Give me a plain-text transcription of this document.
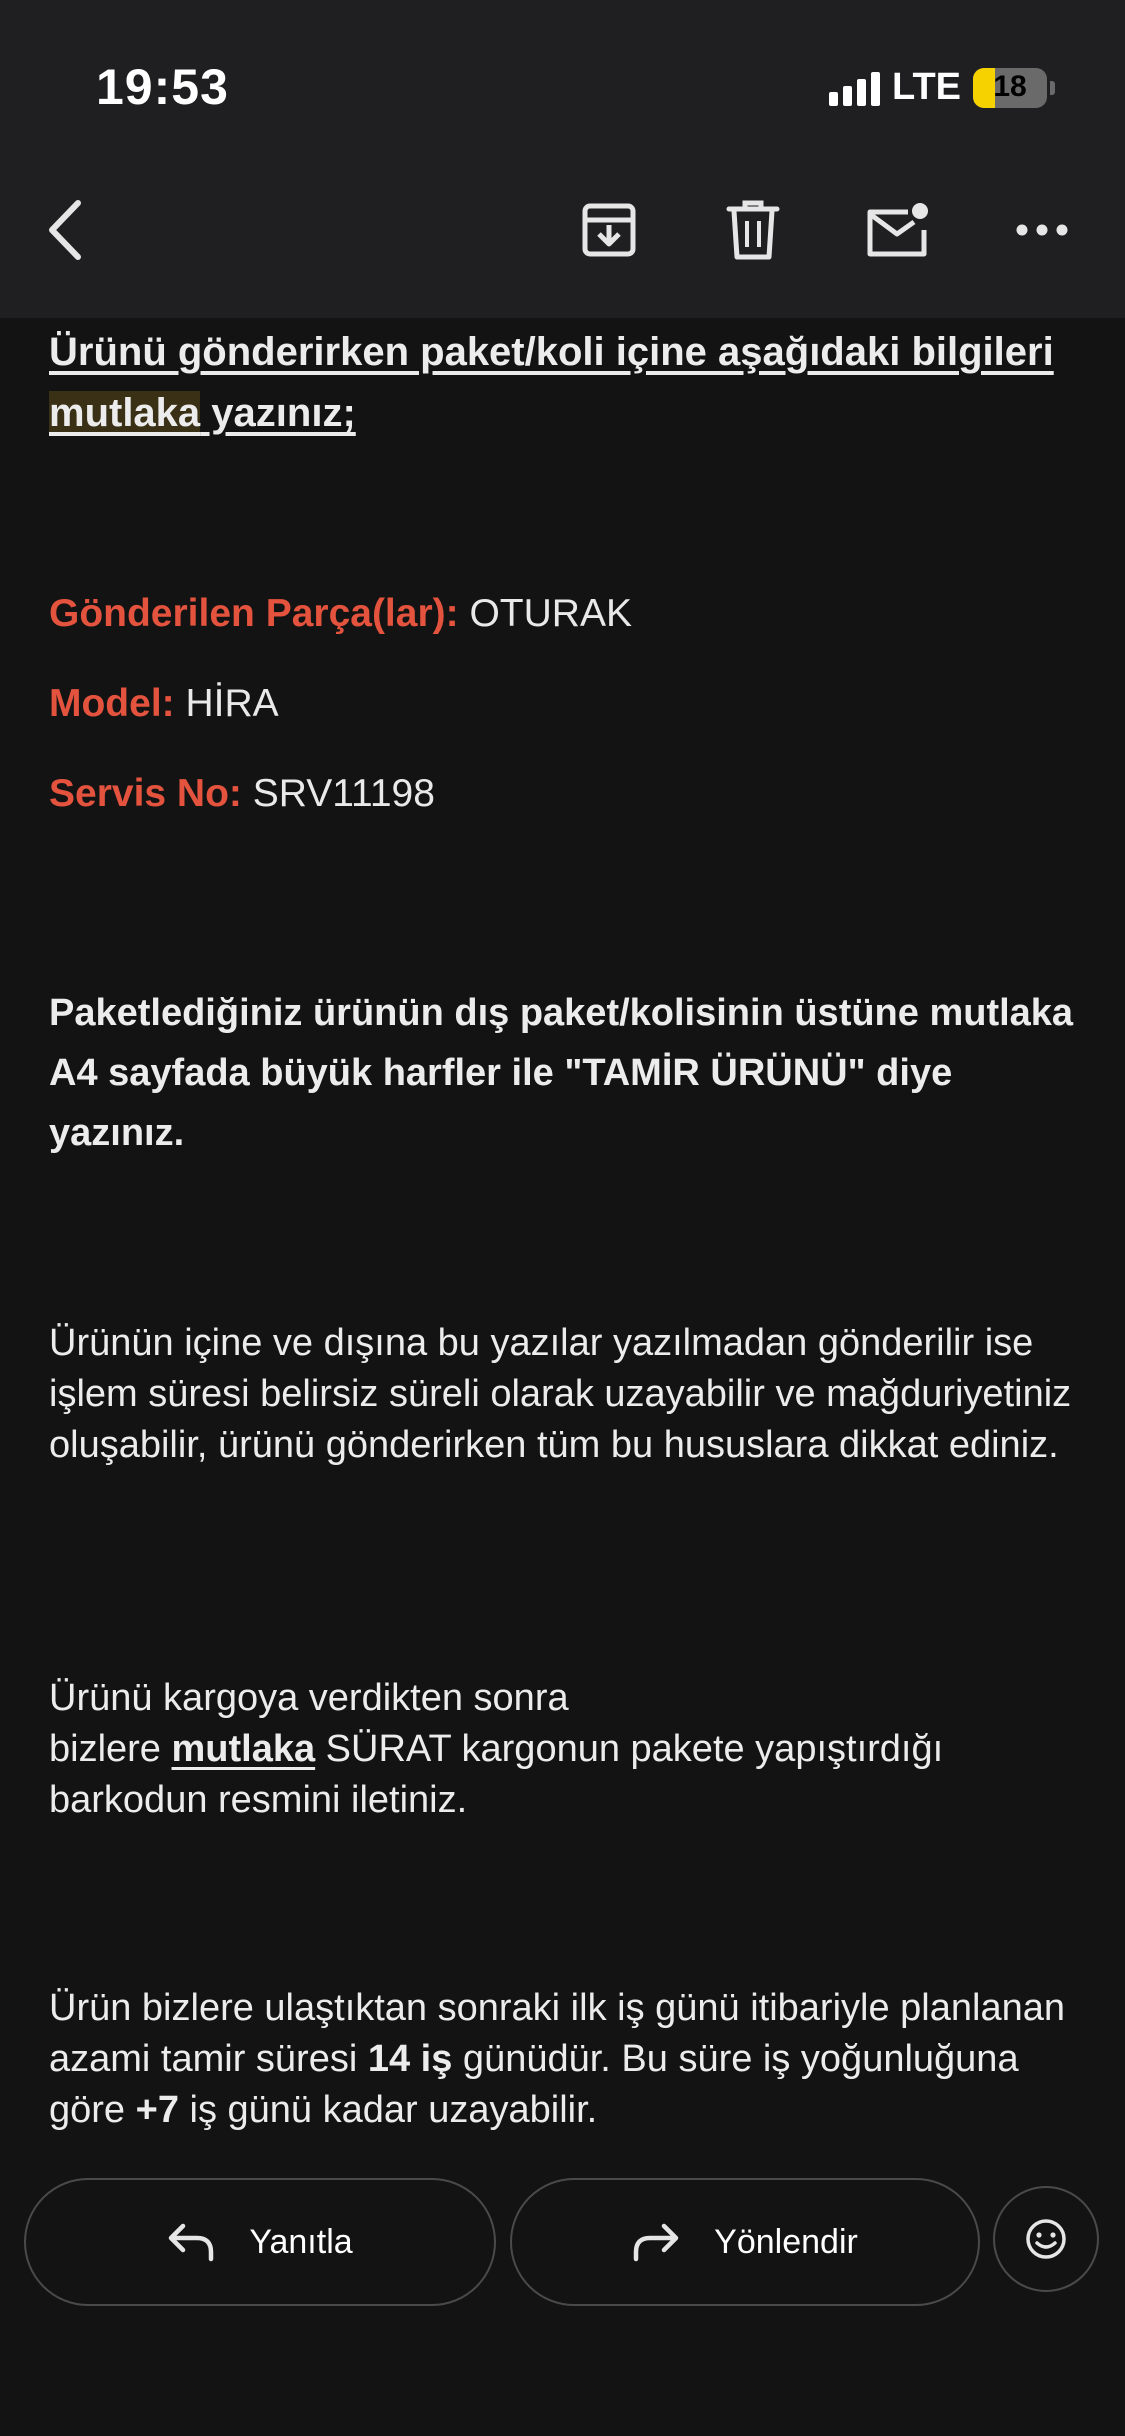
19:53	LTE	18

Ürünü gönderirken paket/koli içine aşağıdaki bilgileri mutlaka yazınız;

Gönderilen Parça(lar): OTURAK
Model: HİRA
Servis No: SRV11198

Paketlediğiniz ürünün dış paket/kolisinin üstüne mutlaka A4 sayfada büyük harfler ile "TAMİR ÜRÜNÜ" diye yazınız.

Ürünün içine ve dışına bu yazılar yazılmadan gönderilir ise işlem süresi belirsiz süreli olarak uzayabilir ve mağduriyetiniz oluşabilir, ürünü gönderirken tüm bu hususlara dikkat ediniz.

Ürünü kargoya verdikten sonra
bizlere mutlaka SÜRAT kargonun pakete yapıştırdığı barkodun resmini iletiniz.

Ürün bizlere ulaştıktan sonraki ilk iş günü itibariyle planlanan azami tamir süresi 14 iş günüdür. Bu süre iş yoğunluğuna göre +7 iş günü kadar uzayabilir.

Yanıtla	Yönlendir
